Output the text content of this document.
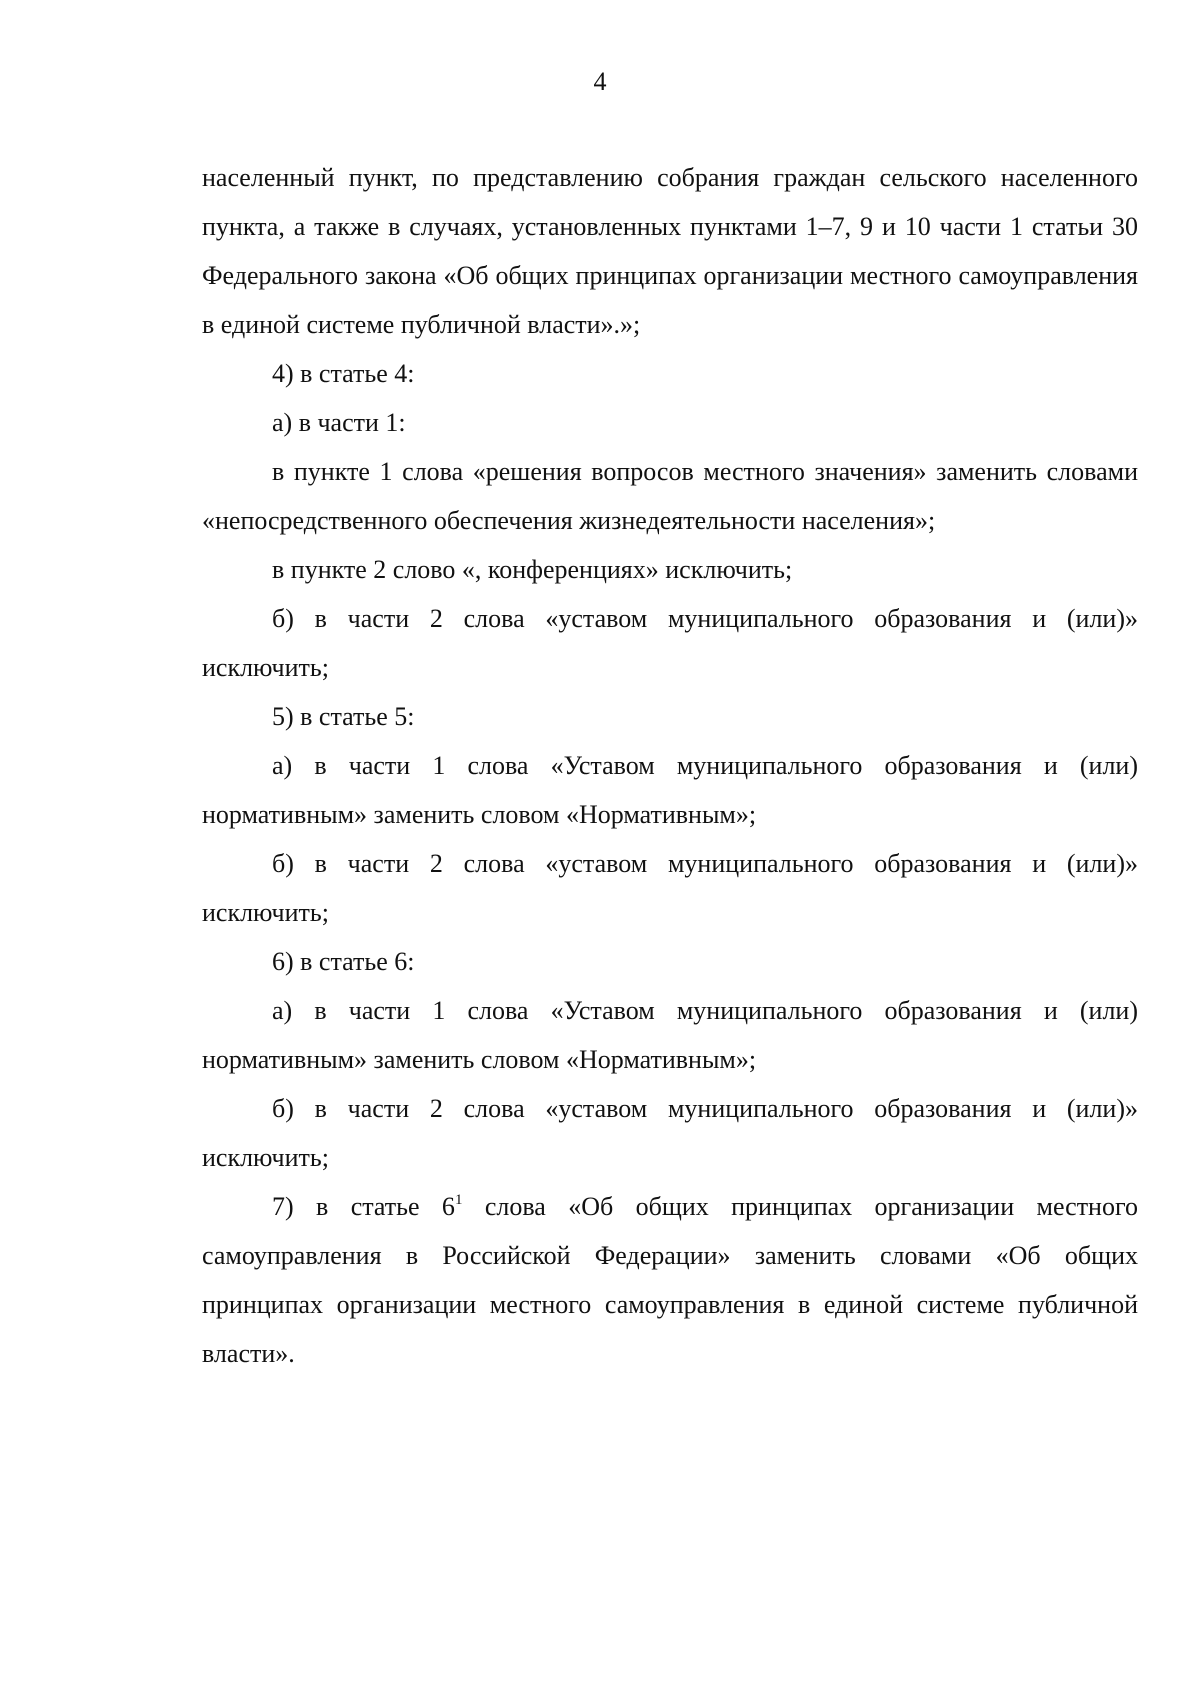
4

населенный пункт, по представлению собрания граждан сельского населенного пункта, а также в случаях, установленных пунктами 1–7, 9 и 10 части 1 статьи 30 Федерального закона «Об общих принципах организации местного самоуправления в единой системе публичной власти».»;

4) в статье 4:

а) в части 1:

в пункте 1 слова «решения вопросов местного значения» заменить словами «непосредственного обеспечения жизнедеятельности населения»;

в пункте 2 слово «, конференциях» исключить;

б) в части 2 слова «уставом муниципального образования и (или)» исключить;

5) в статье 5:

а) в части 1 слова «Уставом муниципального образования и (или) нормативным» заменить словом «Нормативным»;

б) в части 2 слова «уставом муниципального образования и (или)» исключить;

6) в статье 6:

а) в части 1 слова «Уставом муниципального образования и (или) нормативным» заменить словом «Нормативным»;

б) в части 2 слова «уставом муниципального образования и (или)» исключить;

7) в статье $6^1$ слова «Об общих принципах организации местного самоуправления в Российской Федерации» заменить словами «Об общих принципах организации местного самоуправления в единой системе публичной власти».
